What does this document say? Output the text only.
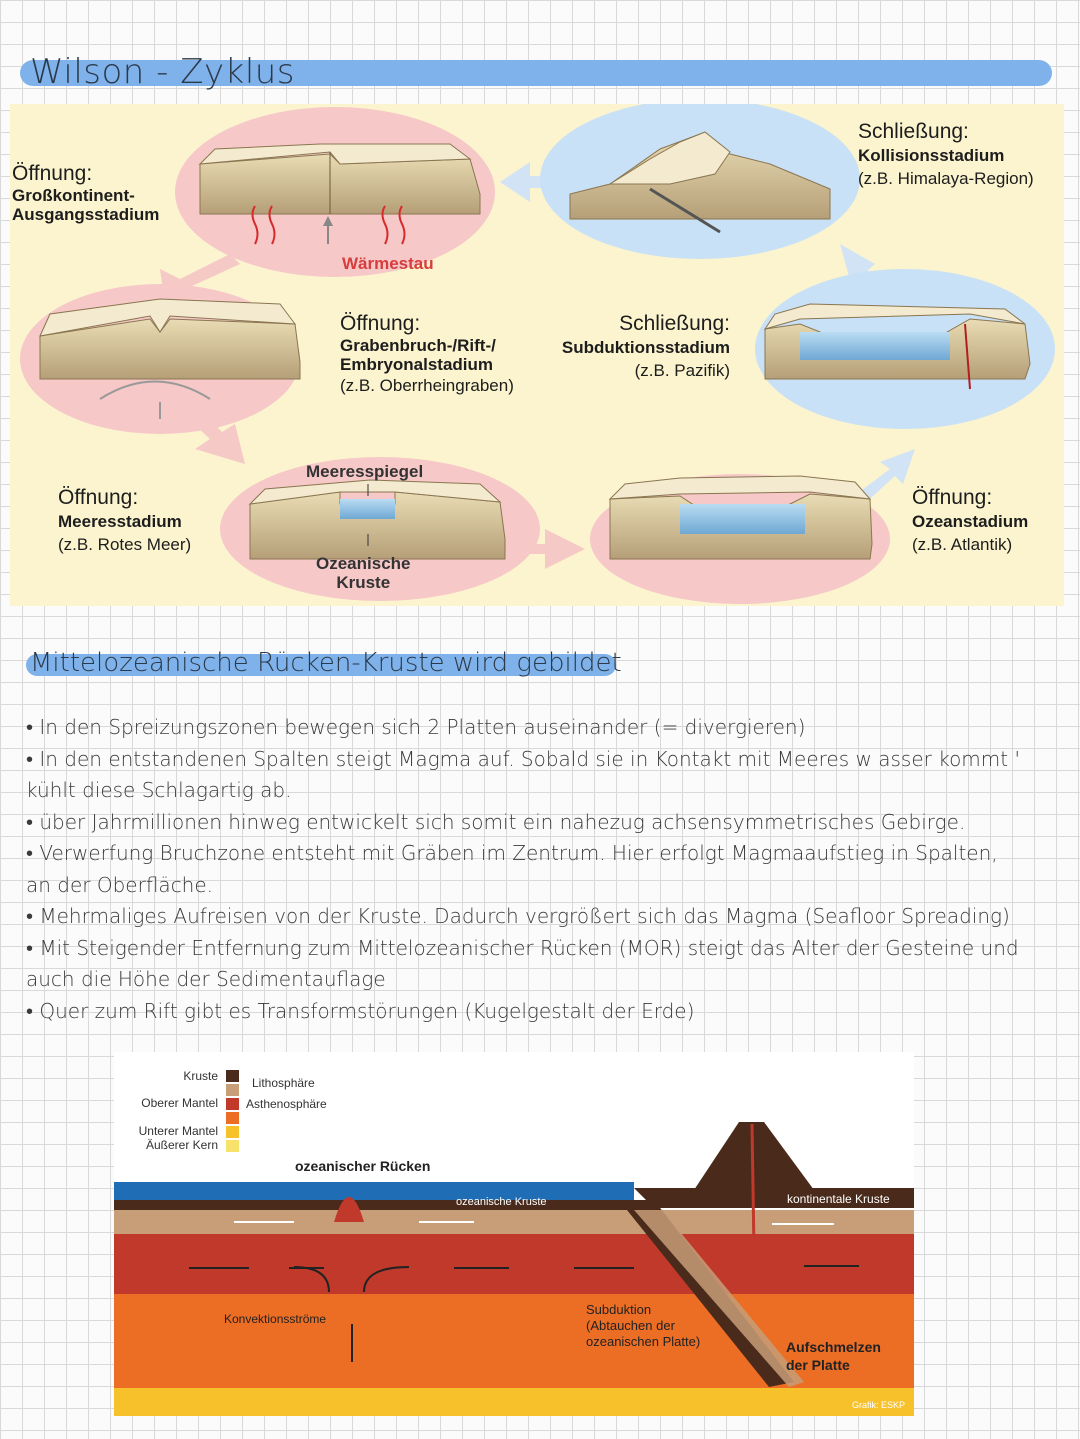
Wilson - Zyklus
Öffnung:
Großkontinent-
Ausgangsstadium
Wärmestau
Öffnung:
Grabenbruch-/Rift-/
Embryonalstadium
(z.B. Oberrheingraben)
Öffnung:
Meeresstadium
(z.B. Rotes Meer)
Meeresspiegel
Ozeanische
Kruste
Öffnung:
Ozeanstadium
(z.B. Atlantik)
Schließung:
Subduktionsstadium
(z.B. Pazifik)
Schließung:
Kollisionsstadium
(z.B. Himalaya-Region)
Mittelozeanische Rücken-Kruste wird gebildet

• In den Spreizungszonen bewegen sich 2 Platten auseinander (= divergieren)

• In den entstandenen Spalten steigt Magma auf. Sobald sie in Kontakt mit Meeres w asser kommt ' kühlt diese Schlagartig ab.

• über Jahrmillionen hinweg entwickelt sich somit ein nahezug achsensymmetrisches Gebirge.

• Verwerfung Bruchzone entsteht mit Gräben im Zentrum. Hier erfolgt Magmaaufstieg in Spalten, an der Oberfläche.

• Mehrmaliges Aufreisen von der Kruste. Dadurch vergrößert sich das Magma (Seafloor Spreading)

• Mit Steigender Entfernung zum Mittelozeanischer Rücken (MOR) steigt das Alter der Gesteine und auch die Höhe der Sedimentauflage

• Quer zum Rift gibt es Transformstörungen (Kugelgestalt der Erde)

Kruste
Oberer Mantel
Unterer Mantel
Äußerer Kern
Lithosphäre
Asthenosphäre
ozeanischer Rücken
ozeanische Kruste	kontinentale Kruste
Konvektionsströme
Subduktion
(Abtauchen der
ozeanischen Platte)	Aufschmelzen
der Platte
Grafik: ESKP
